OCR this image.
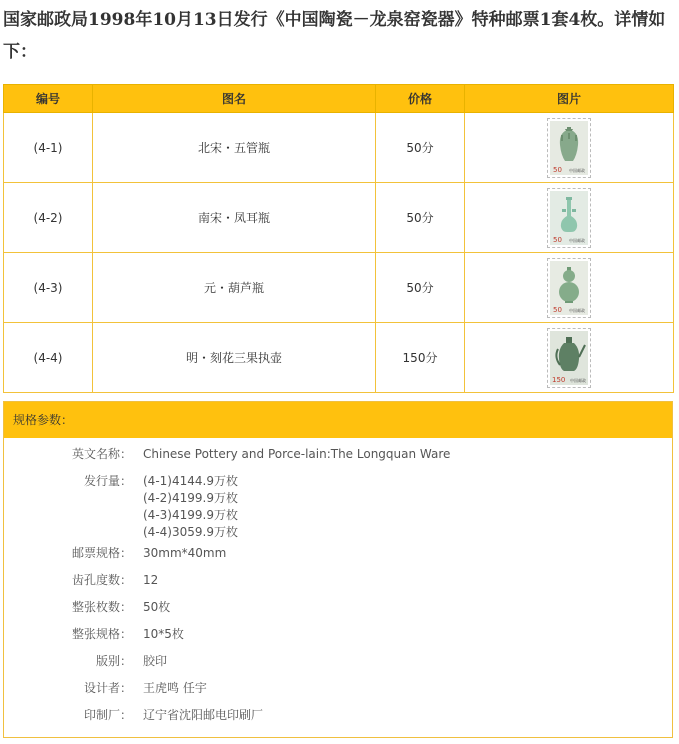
国家邮政局1998年10月13日发行《中国陶瓷－龙泉窑瓷器》特种邮票1套4枚。详情如下：
编号	图名	价格	图片
(4-1)	北宋・五管瓶	50分	50 中国邮政

(4-2)	南宋・凤耳瓶	50分	50 中国邮政

(4-3)	元・葫芦瓶	50分	50 中国邮政

(4-4)	明・刻花三果执壶	150分	150 中国邮政
规格参数：
英文名称： Chinese Pottery and Porce-lain:The Longquan Ware
发行量： (4-1)4144.9万枚
(4-2)4199.9万枚
(4-3)4199.9万枚
(4-4)3059.9万枚
邮票规格： 30mm*40mm
齿孔度数： 12
整张枚数： 50枚
整张规格： 10*5枚
版别： 胶印
设计者： 王虎鸣 任宇
印制厂： 辽宁省沈阳邮电印刷厂
